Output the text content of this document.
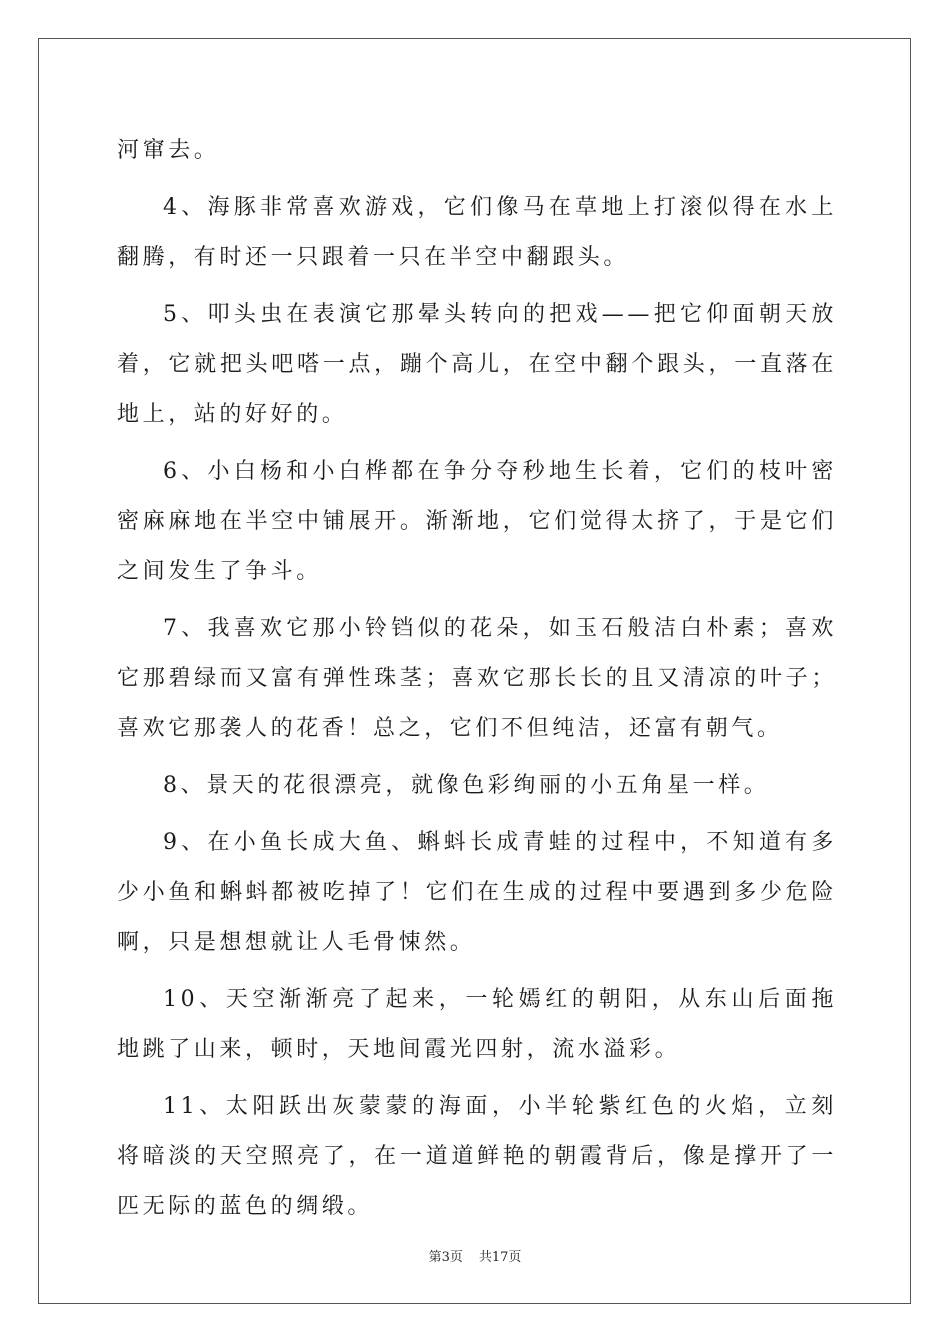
河窜去。

4、海豚非常喜欢游戏，它们像马在草地上打滚似得在水上翻腾，有时还一只跟着一只在半空中翻跟头。

5、叩头虫在表演它那晕头转向的把戏——把它仰面朝天放着，它就把头吧嗒一点，蹦个高儿，在空中翻个跟头，一直落在地上，站的好好的。

6、小白杨和小白桦都在争分夺秒地生长着，它们的枝叶密密麻麻地在半空中铺展开。渐渐地，它们觉得太挤了，于是它们之间发生了争斗。

7、我喜欢它那小铃铛似的花朵，如玉石般洁白朴素；喜欢它那碧绿而又富有弹性珠茎；喜欢它那长长的且又清凉的叶子；喜欢它那袭人的花香！总之，它们不但纯洁，还富有朝气。

8、景天的花很漂亮，就像色彩绚丽的小五角星一样。

9、在小鱼长成大鱼、蝌蚪长成青蛙的过程中，不知道有多少小鱼和蝌蚪都被吃掉了！它们在生成的过程中要遇到多少危险啊，只是想想就让人毛骨悚然。

10、天空渐渐亮了起来，一轮嫣红的朝阳，从东山后面拖地跳了山来，顿时，天地间霞光四射，流水溢彩。

11、太阳跃出灰蒙蒙的海面，小半轮紫红色的火焰，立刻将暗淡的天空照亮了，在一道道鲜艳的朝霞背后，像是撑开了一匹无际的蓝色的绸缎。

第3页 共17页
